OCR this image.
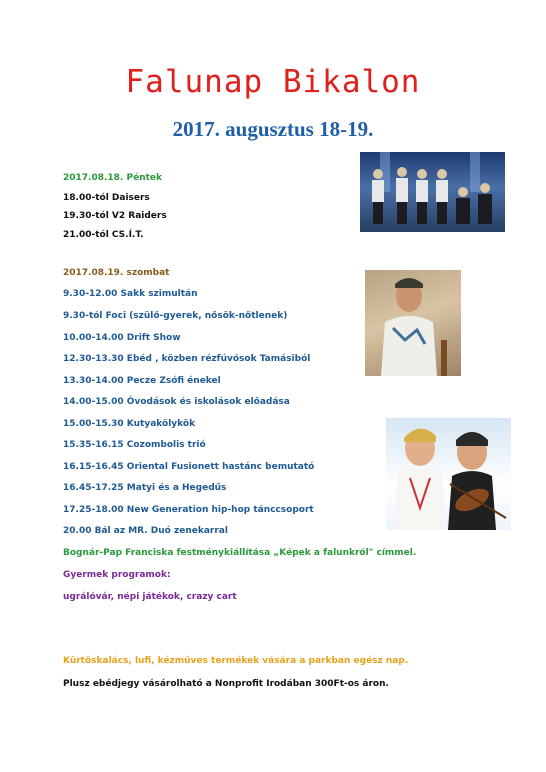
Falunap Bikalon
2017. augusztus 18-19.
2017.08.18. Péntek
18.00-tól Daisers
19.30-tól V2 Raiders
21.00-tól CS.Í.T.
2017.08.19. szombat
9.30-12.00 Sakk szimultán
9.30-tól Foci (szülő-gyerek, nősök-nőtlenek)
10.00-14.00 Drift Show
12.30-13.30 Ebéd , közben rézfúvósok Tamásiból
13.30-14.00 Pecze Zsófi énekel
14.00-15.00 Óvodások és iskolások előadása
15.00-15.30 Kutyakölykök
15.35-16.15 Cozombolis trió
16.15-16.45 Oriental Fusionett hastánc bemutató
16.45-17.25 Matyi és a Hegedűs
17.25-18.00 New Generation hip-hop tánccsoport
20.00 Bál az MR. Duó zenekarral
Bognár-Pap Franciska festménykiállítása „Képek a falunkról" címmel.
Gyermek programok:
ugrálóvár, népi játékok, crazy cart
Kürtőskalács, lufi, kézműves termékek vására a parkban egész nap.
Plusz ebédjegy vásárolható a Nonprofit Irodában 300Ft-os áron.
